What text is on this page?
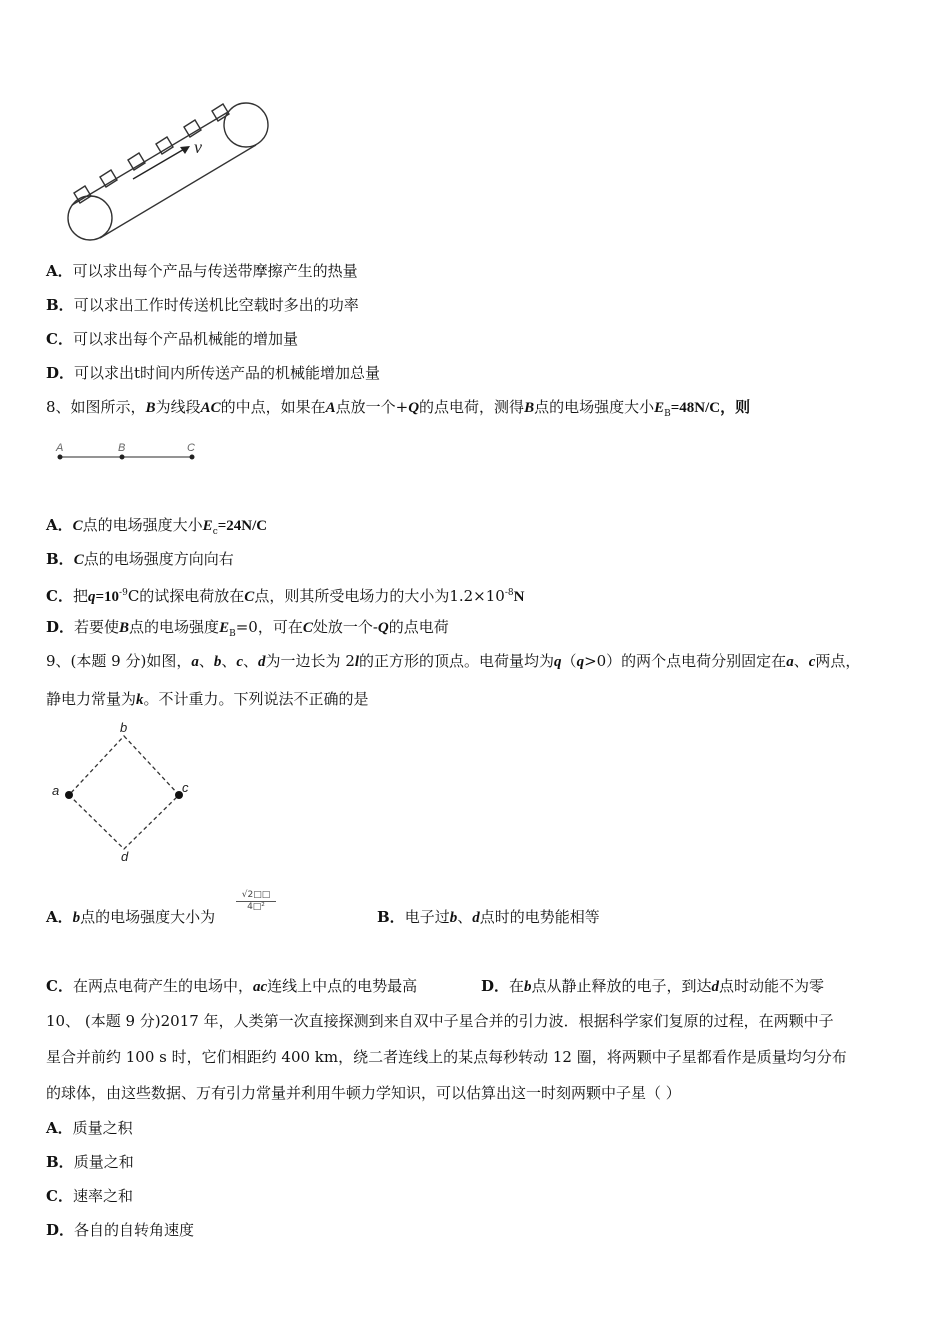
v
A．可以求出每个产品与传送带摩擦产生的热量
B．可以求出工作时传送机比空载时多出的功率
C．可以求出每个产品机械能的增加量
D．可以求出t时间内所传送产品的机械能增加总量
8、如图所示，B为线段AC的中点，如果在A点放一个+Q的点电荷，测得B点的电场强度大小$E_B=48N/C$，则
A	B	C
A．C点的电场强度大小$E_c=24N/C$
B．C点的电场强度方向向右
C．把$q=10^{-9}C$的试探电荷放在C点，则其所受电场力的大小为$1.2\times 10^{-8}N$
D．若要使B点的电场强度$E_B=0$，可在C处放一个-Q的点电荷
9、(本题 9 分)如图，a、b、c、d为一边长为 2l的正方形的顶点。电荷量均为q（q>0）的两个点电荷分别固定在a、c两点，
静电力常量为k。不计重力。下列说法不正确的是
a
b
c
d
A．b点的电场强度大小为
$\frac{√2□□}{\text{4□²}}$
B．电子过b、d点时的电势能相等
C．在两点电荷产生的电场中，ac连线上中点的电势最高	D．在b点从静止释放的电子，到达d点时动能不为零
10、 (本题 9 分)2017 年，人类第一次直接探测到来自双中子星合并的引力波．根据科学家们复原的过程，在两颗中子
星合并前约 100 s 时，它们相距约 400 km，绕二者连线上的某点每秒转动 12 圈，将两颗中子星都看作是质量均匀分布
的球体，由这些数据、万有引力常量并利用牛顿力学知识，可以估算出这一时刻两颗中子星（ ）
A．质量之积
B．质量之和
C．速率之和
D．各自的自转角速度
